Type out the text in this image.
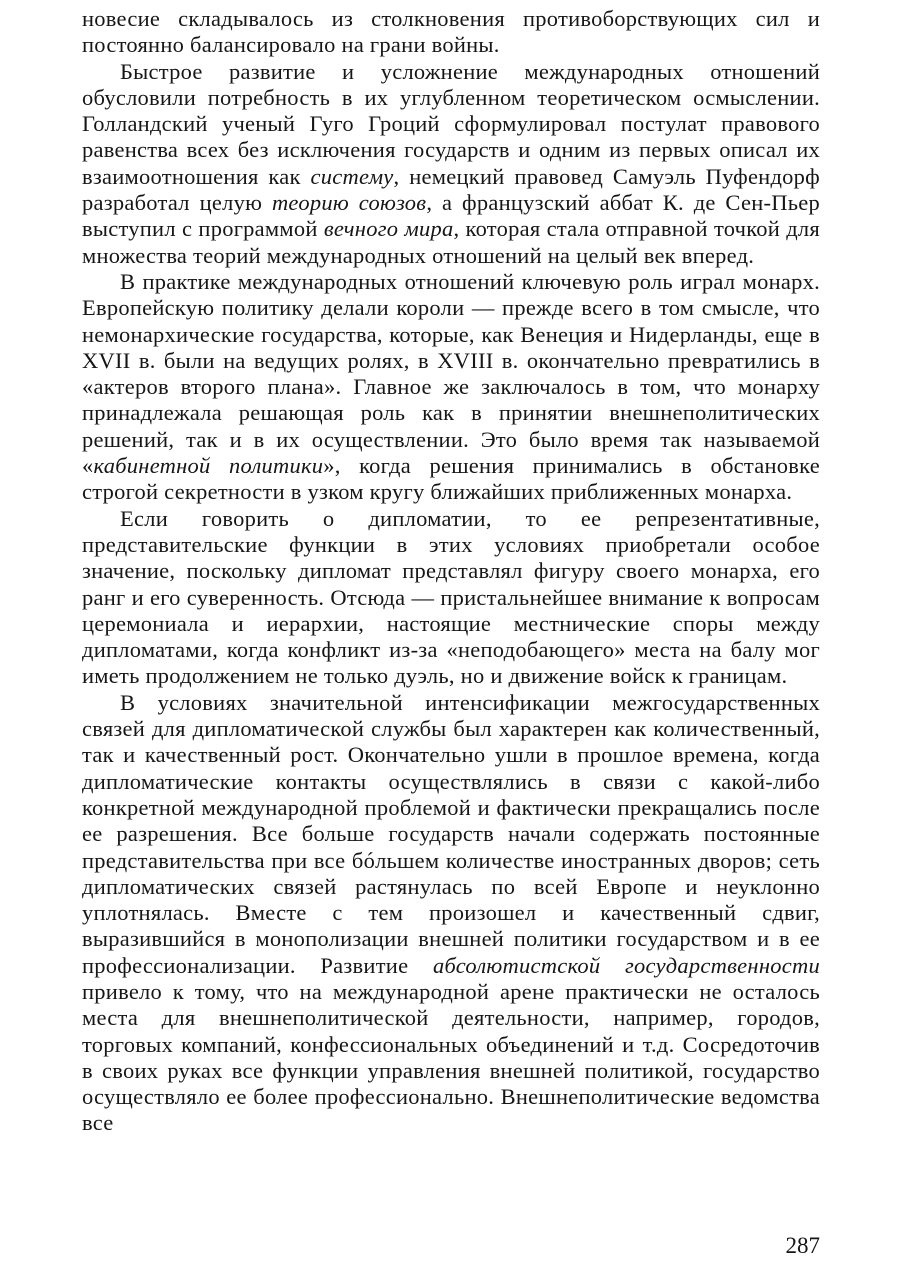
новесие складывалось из столкновения противоборствующих сил и постоянно балансировало на грани войны.

Быстрое развитие и усложнение международных отношений обусловили потребность в их углубленном теоретическом осмыслении. Голландский ученый Гуго Гроций сформулировал постулат правового равенства всех без исключения государств и одним из первых описал их взаимоотношения как систему, немецкий правовед Самуэль Пуфендорф разработал целую теорию союзов, а французский аббат К. де Сен-Пьер выступил с программой вечного мира, которая стала отправной точкой для множества теорий международных отношений на целый век вперед.

В практике международных отношений ключевую роль играл монарх. Европейскую политику делали короли — прежде всего в том смысле, что немонархические государства, которые, как Венеция и Нидерланды, еще в XVII в. были на ведущих ролях, в XVIII в. окончательно превратились в «актеров второго плана». Главное же заключалось в том, что монарху принадлежала решающая роль как в принятии внешнеполитических решений, так и в их осуществлении. Это было время так называемой «кабинетной политики», когда решения принимались в обстановке строгой секретности в узком кругу ближайших приближенных монарха.

Если говорить о дипломатии, то ее репрезентативные, представительские функции в этих условиях приобретали особое значение, поскольку дипломат представлял фигуру своего монарха, его ранг и его суверенность. Отсюда — пристальнейшее внимание к вопросам церемониала и иерархии, настоящие местнические споры между дипломатами, когда конфликт из-за «неподобающего» места на балу мог иметь продолжением не только дуэль, но и движение войск к границам.

В условиях значительной интенсификации межгосударственных связей для дипломатической службы был характерен как количественный, так и качественный рост. Окончательно ушли в прошлое времена, когда дипломатические контакты осуществлялись в связи с какой-либо конкретной международной проблемой и фактически прекращались после ее разрешения. Все больше государств начали содержать постоянные представительства при все бóльшем количестве иностранных дворов; сеть дипломатических связей растянулась по всей Европе и неуклонно уплотнялась. Вместе с тем произошел и качественный сдвиг, выразившийся в монополизации внешней политики государством и в ее профессионализации. Развитие абсолютистской государственности привело к тому, что на международной арене практически не осталось места для внешнеполитической деятельности, например, городов, торговых компаний, конфессиональных объединений и т.д. Сосредоточив в своих руках все функции управления внешней политикой, государство осуществляло ее более профессионально. Внешнеполитические ведомства все

287
